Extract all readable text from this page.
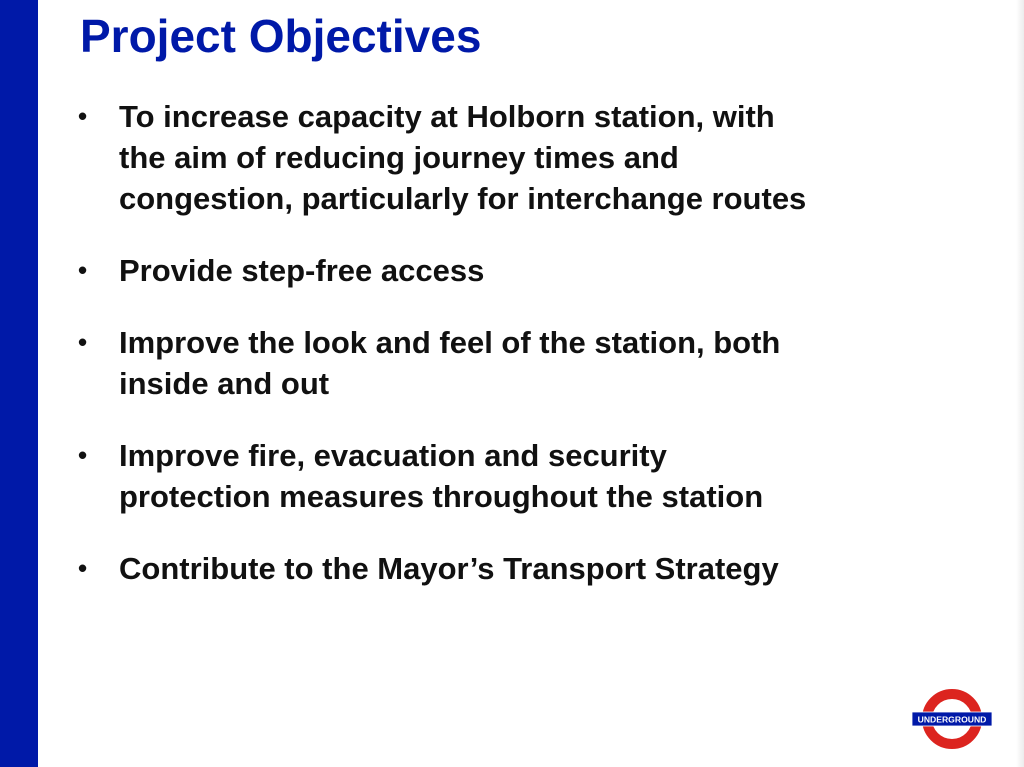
Project Objectives
•	To increase capacity at Holborn station, with
the aim of reducing journey times and
congestion, particularly for interchange routes
•	Provide step-free access
•	Improve the look and feel of the station, both
inside and out
•	Improve fire, evacuation and security
protection measures throughout the station
•	Contribute to the Mayor’s Transport Strategy
UNDERGROUND
